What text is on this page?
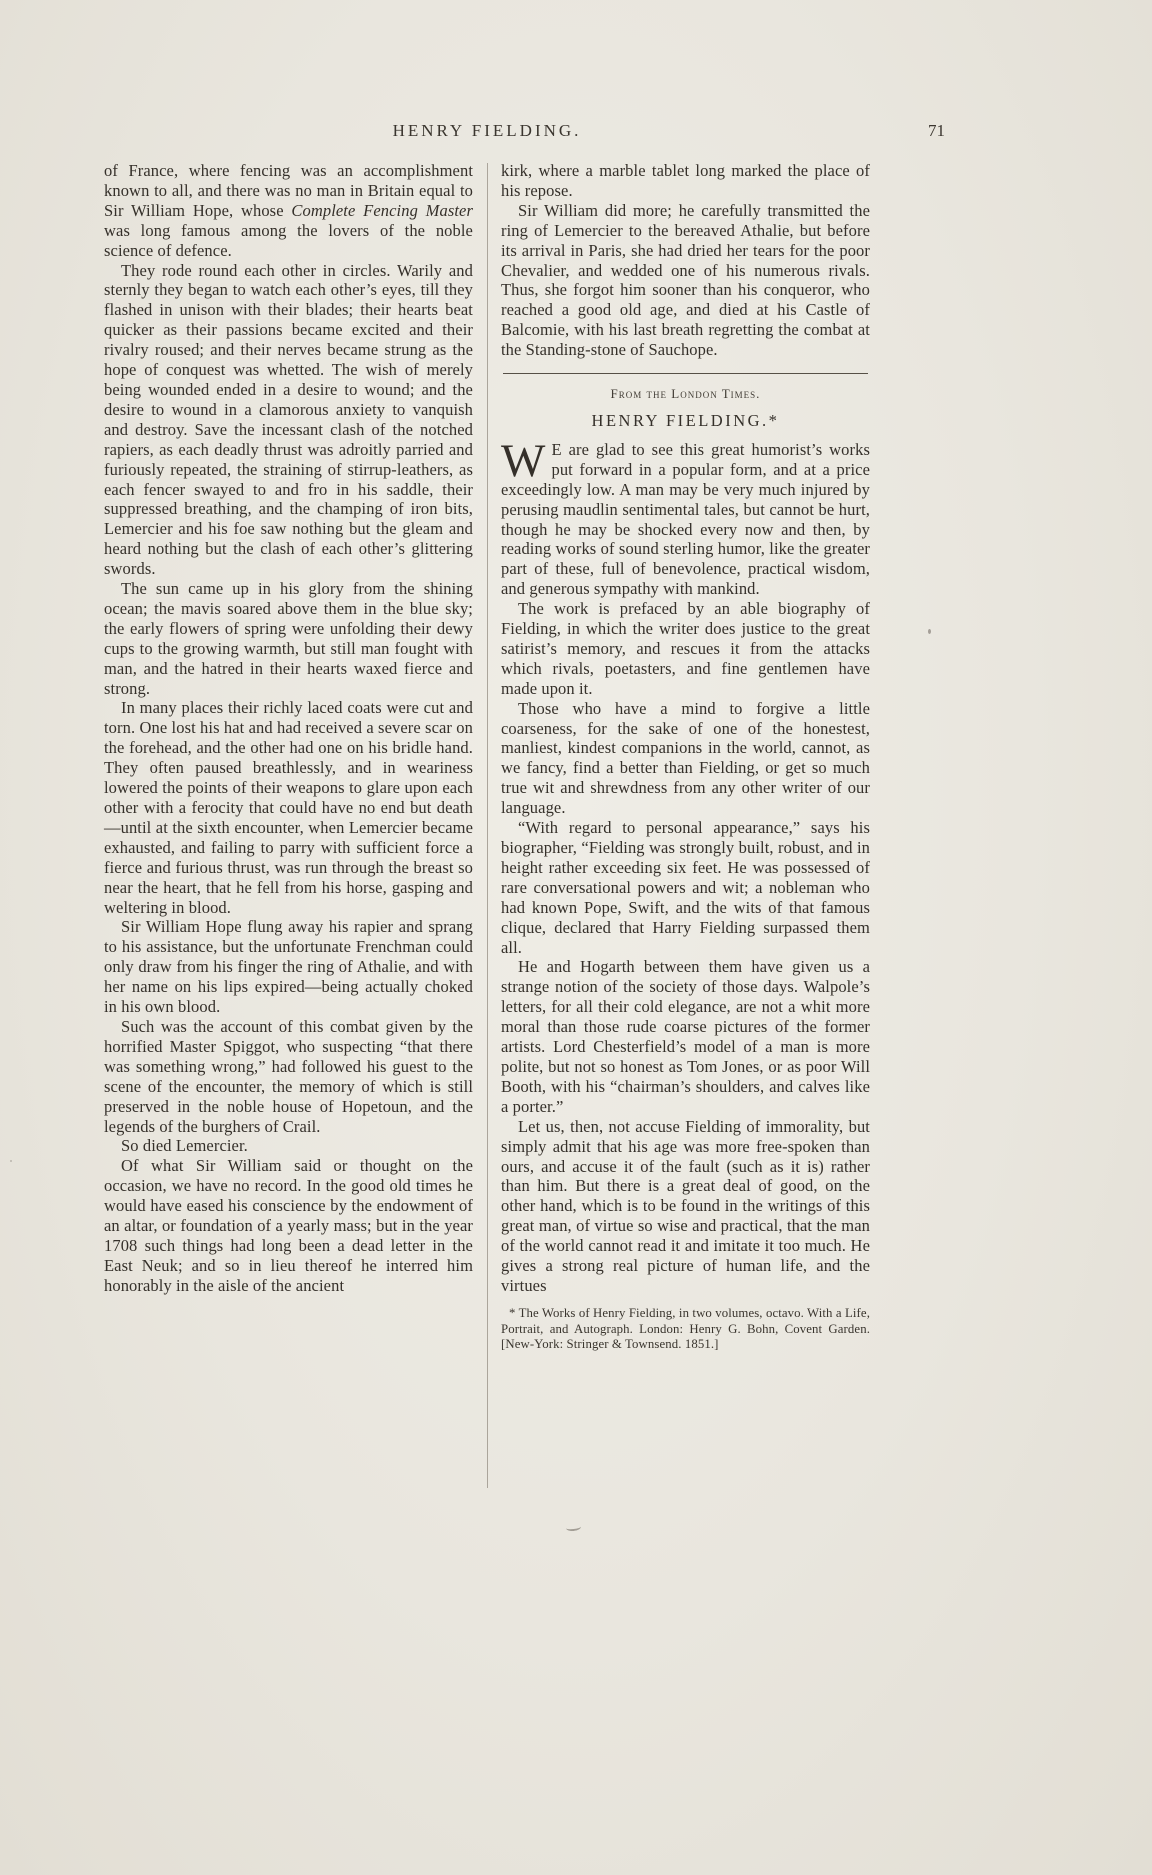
HENRY FIELDING.	71

of France, where fencing was an accomplishment known to all, and there was no man in Britain equal to Sir William Hope, whose Complete Fencing Master was long famous among the lovers of the noble science of defence.

They rode round each other in circles. Warily and sternly they began to watch each other’s eyes, till they flashed in unison with their blades; their hearts beat quicker as their passions became excited and their rivalry roused; and their nerves became strung as the hope of conquest was whetted. The wish of merely being wounded ended in a desire to wound; and the desire to wound in a clamorous anxiety to vanquish and destroy. Save the incessant clash of the notched rapiers, as each deadly thrust was adroitly parried and furiously repeated, the straining of stirrup-leathers, as each fencer swayed to and fro in his saddle, their suppressed breathing, and the champing of iron bits, Lemercier and his foe saw nothing but the gleam and heard nothing but the clash of each other’s glittering swords.

The sun came up in his glory from the shining ocean; the mavis soared above them in the blue sky; the early flowers of spring were unfolding their dewy cups to the growing warmth, but still man fought with man, and the hatred in their hearts waxed fierce and strong.

In many places their richly laced coats were cut and torn. One lost his hat and had received a severe scar on the forehead, and the other had one on his bridle hand. They often paused breathlessly, and in weariness lowered the points of their weapons to glare upon each other with a ferocity that could have no end but death—until at the sixth encounter, when Lemercier became exhausted, and failing to parry with sufficient force a fierce and furious thrust, was run through the breast so near the heart, that he fell from his horse, gasping and weltering in blood.

Sir William Hope flung away his rapier and sprang to his assistance, but the unfortunate Frenchman could only draw from his finger the ring of Athalie, and with her name on his lips expired—being actually choked in his own blood.

Such was the account of this combat given by the horrified Master Spiggot, who suspecting “that there was something wrong,” had followed his guest to the scene of the encounter, the memory of which is still preserved in the noble house of Hopetoun, and the legends of the burghers of Crail.

So died Lemercier.

Of what Sir William said or thought on the occasion, we have no record. In the good old times he would have eased his conscience by the endowment of an altar, or foundation of a yearly mass; but in the year 1708 such things had long been a dead letter in the East Neuk; and so in lieu thereof he interred him honorably in the aisle of the ancient

kirk, where a marble tablet long marked the place of his repose.

Sir William did more; he carefully transmitted the ring of Lemercier to the bereaved Athalie, but before its arrival in Paris, she had dried her tears for the poor Chevalier, and wedded one of his numerous rivals. Thus, she forgot him sooner than his conqueror, who reached a good old age, and died at his Castle of Balcomie, with his last breath regretting the combat at the Standing-stone of Sauchope.

From the London Times.
HENRY FIELDING.*

W E are glad to see this great humorist’s works put forward in a popular form, and at a price exceedingly low. A man may be very much injured by perusing maudlin sentimental tales, but cannot be hurt, though he may be shocked every now and then, by reading works of sound sterling humor, like the greater part of these, full of benevolence, practical wisdom, and generous sympathy with mankind.

The work is prefaced by an able biography of Fielding, in which the writer does justice to the great satirist’s memory, and rescues it from the attacks which rivals, poetasters, and fine gentlemen have made upon it.

Those who have a mind to forgive a little coarseness, for the sake of one of the honestest, manliest, kindest companions in the world, cannot, as we fancy, find a better than Fielding, or get so much true wit and shrewdness from any other writer of our language.

“With regard to personal appearance,” says his biographer, “Fielding was strongly built, robust, and in height rather exceeding six feet. He was possessed of rare conversational powers and wit; a nobleman who had known Pope, Swift, and the wits of that famous clique, declared that Harry Fielding surpassed them all.

He and Hogarth between them have given us a strange notion of the society of those days. Walpole’s letters, for all their cold elegance, are not a whit more moral than those rude coarse pictures of the former artists. Lord Chesterfield’s model of a man is more polite, but not so honest as Tom Jones, or as poor Will Booth, with his “chairman’s shoulders, and calves like a porter.”

Let us, then, not accuse Fielding of immorality, but simply admit that his age was more free-spoken than ours, and accuse it of the fault (such as it is) rather than him. But there is a great deal of good, on the other hand, which is to be found in the writings of this great man, of virtue so wise and practical, that the man of the world cannot read it and imitate it too much. He gives a strong real picture of human life, and the virtues

* The Works of Henry Fielding, in two volumes, octavo. With a Life, Portrait, and Autograph. London: Henry G. Bohn, Covent Garden. [New-York: Stringer & Townsend. 1851.]
